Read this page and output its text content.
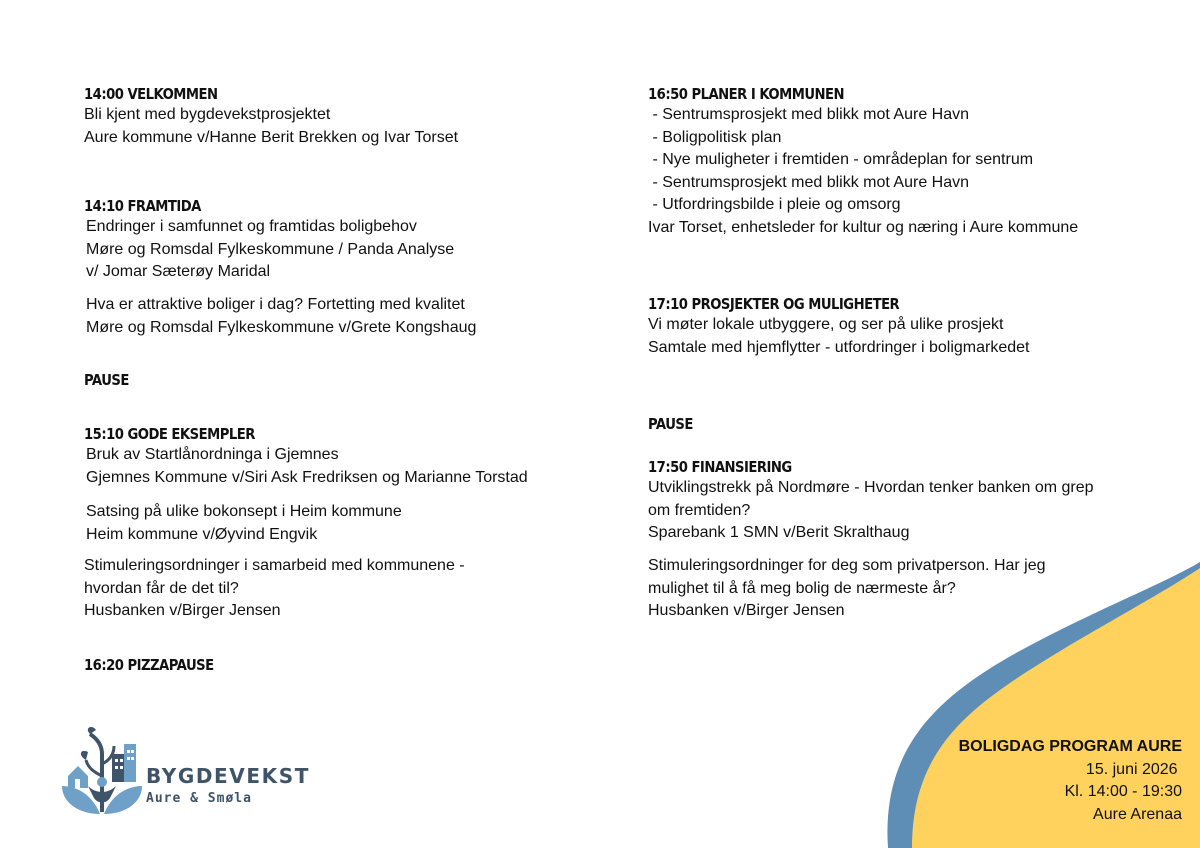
14:00 VELKOMMEN
Bli kjent med bygdevekstprosjektet
Aure kommune v/Hanne Berit Brekken og Ivar Torset
14:10 FRAMTIDA
Endringer i samfunnet og framtidas boligbehov
Møre og Romsdal Fylkeskommune / Panda Analyse
v/ Jomar Sæterøy Maridal
Hva er attraktive boliger i dag? Fortetting med kvalitet
Møre og Romsdal Fylkeskommune v/Grete Kongshaug
PAUSE
15:10 GODE EKSEMPLER
Bruk av Startlånordninga i Gjemnes
Gjemnes Kommune v/Siri Ask Fredriksen og Marianne Torstad
Satsing på ulike bokonsept i Heim kommune
Heim kommune v/Øyvind Engvik
Stimuleringsordninger i samarbeid med kommunene -
hvordan får de det til?
Husbanken v/Birger Jensen
16:20 PIZZAPAUSE
16:50 PLANER I KOMMUNEN
- Sentrumsprosjekt med blikk mot Aure Havn
- Boligpolitisk plan
- Nye muligheter i fremtiden - områdeplan for sentrum
- Sentrumsprosjekt med blikk mot Aure Havn
- Utfordringsbilde i pleie og omsorg
Ivar Torset, enhetsleder for kultur og næring i Aure kommune
17:10 PROSJEKTER OG MULIGHETER
Vi møter lokale utbyggere, og ser på ulike prosjekt
Samtale med hjemflytter - utfordringer i boligmarkedet
PAUSE
17:50 FINANSIERING
Utviklingstrekk på Nordmøre - Hvordan tenker banken om grep
om fremtiden?
Sparebank 1 SMN v/Berit Skralthaug
Stimuleringsordninger for deg som privatperson. Har jeg
mulighet til å få meg bolig de nærmeste år?
Husbanken v/Birger Jensen
BYGDEVEKST
Aure & Smøla
BOLIGDAG PROGRAM AURE
15. juni 2026
Kl. 14:00 - 19:30
Aure Arenaa
